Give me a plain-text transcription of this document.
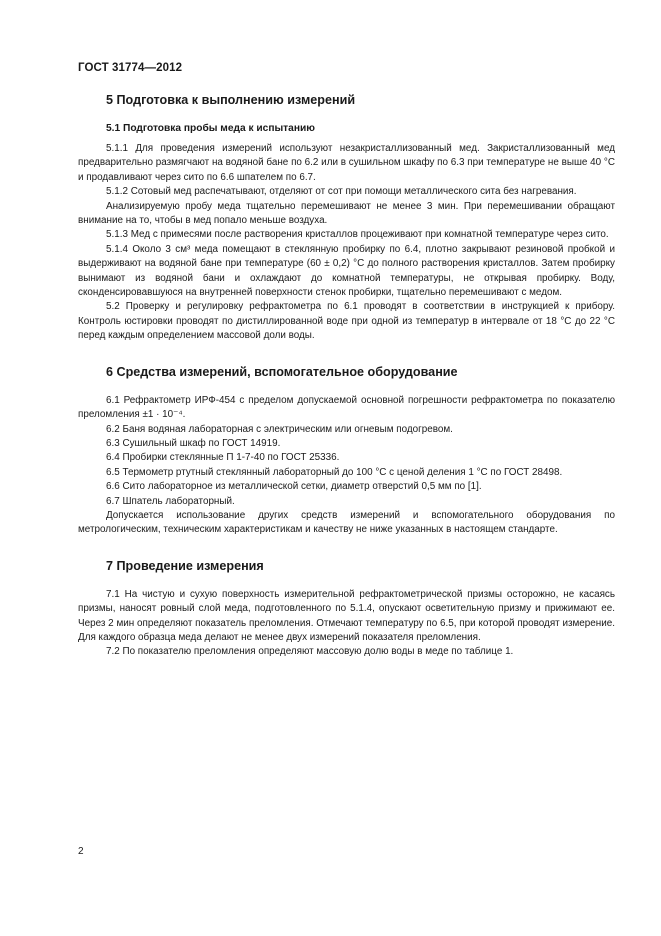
ГОСТ 31774—2012
5 Подготовка к выполнению измерений
5.1 Подготовка пробы меда к испытанию

5.1.1 Для проведения измерений используют незакристаллизованный мед. Закристаллизованный мед предварительно размягчают на водяной бане по 6.2 или в сушильном шкафу по 6.3 при температуре не выше 40 °С и продавливают через сито по 6.6 шпателем по 6.7.

5.1.2 Сотовый мед распечатывают, отделяют от сот при помощи металлического сита без нагревания.

Анализируемую пробу меда тщательно перемешивают не менее 3 мин. При перемешивании обращают внимание на то, чтобы в мед попало меньше воздуха.

5.1.3 Мед с примесями после растворения кристаллов процеживают при комнатной температуре через сито.

5.1.4 Около 3 см³ меда помещают в стеклянную пробирку по 6.4, плотно закрывают резиновой пробкой и выдерживают на водяной бане при температуре (60 ± 0,2) °С до полного растворения кристаллов. Затем пробирку вынимают из водяной бани и охлаждают до комнатной температуры, не открывая пробирку. Воду, сконденсировавшуюся на внутренней поверхности стенок пробирки, тщательно перемешивают с медом.

5.2 Проверку и регулировку рефрактометра по 6.1 проводят в соответствии в инструкцией к прибору. Контроль юстировки проводят по дистиллированной воде при одной из температур в интервале от 18 °С до 22 °С перед каждым определением массовой доли воды.

6 Средства измерений, вспомогательное оборудование

6.1 Рефрактометр ИРФ-454 с пределом допускаемой основной погрешности рефрактометра по показателю преломления ±1 · 10⁻⁴.

6.2 Баня водяная лабораторная с электрическим или огневым подогревом.

6.3 Сушильный шкаф по ГОСТ 14919.

6.4 Пробирки стеклянные П 1-7-40 по ГОСТ 25336.

6.5 Термометр ртутный стеклянный лабораторный до 100 °С с ценой деления 1 °С по ГОСТ 28498.

6.6 Сито лабораторное из металлической сетки, диаметр отверстий 0,5 мм по [1].

6.7 Шпатель лабораторный.

Допускается использование других средств измерений и вспомогательного оборудования по метрологическим, техническим характеристикам и качеству не ниже указанных в настоящем стандарте.

7 Проведение измерения

7.1 На чистую и сухую поверхность измерительной рефрактометрической призмы осторожно, не касаясь призмы, наносят ровный слой меда, подготовленного по 5.1.4, опускают осветительную призму и прижимают ее. Через 2 мин определяют показатель преломления. Отмечают температуру по 6.5, при которой проводят измерение. Для каждого образца меда делают не менее двух измерений показателя преломления.

7.2 По показателю преломления определяют массовую долю воды в меде по таблице 1.

2
